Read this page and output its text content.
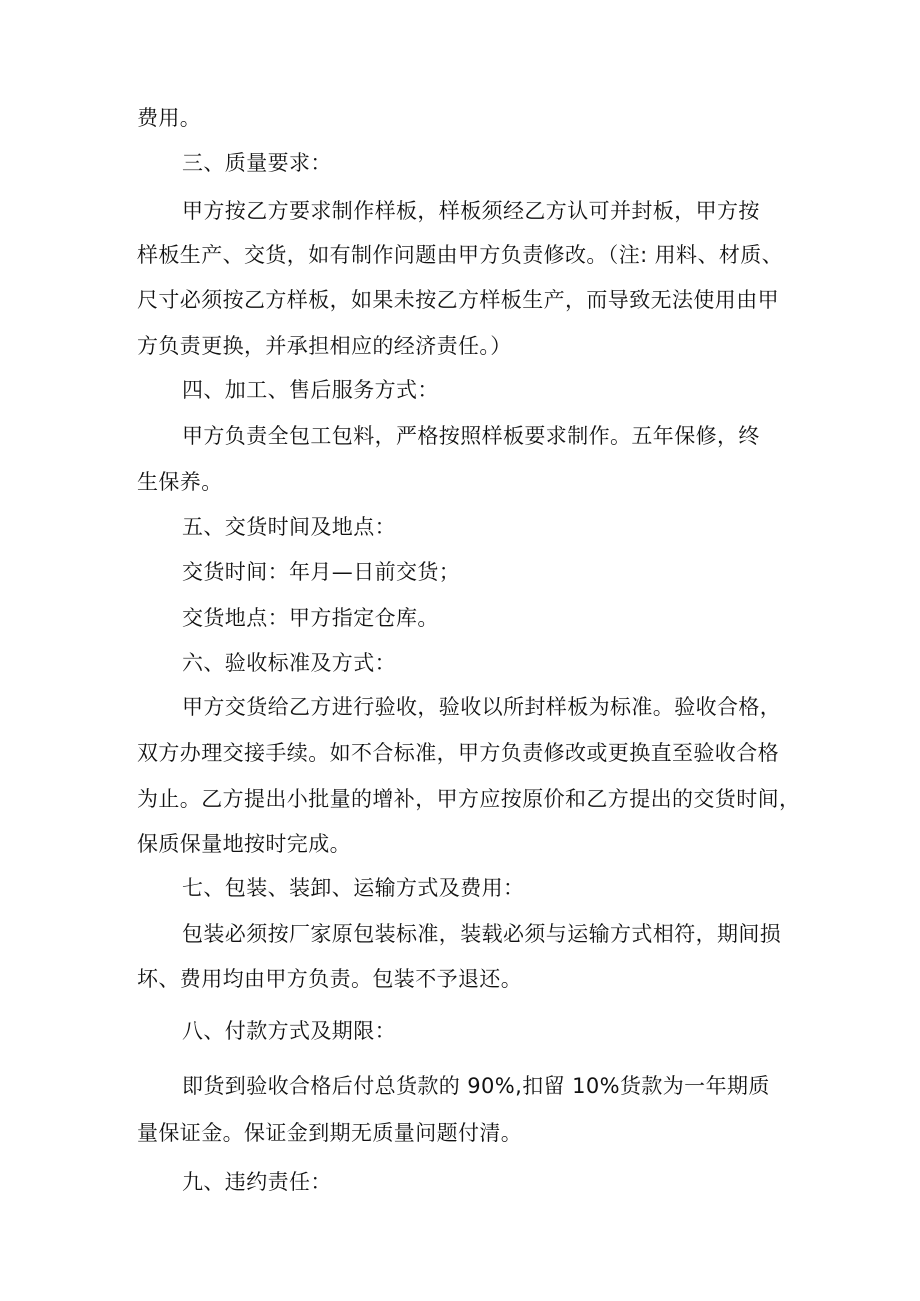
费用。

三、质量要求：

甲方按乙方要求制作样板，样板须经乙方认可并封板，甲方按

样板生产、交货，如有制作问题由甲方负责修改。（注: 用料、材质、

尺寸必须按乙方样板，如果未按乙方样板生产，而导致无法使用由甲

方负责更换，并承担相应的经济责任。）

四、加工、售后服务方式：

甲方负责全包工包料，严格按照样板要求制作。五年保修，终

生保养。

五、交货时间及地点：

交货时间：年月—日前交货；

交货地点：甲方指定仓库。

六、验收标准及方式：

甲方交货给乙方进行验收，验收以所封样板为标准。验收合格，

双方办理交接手续。如不合标准，甲方负责修改或更换直至验收合格

为止。乙方提出小批量的增补，甲方应按原价和乙方提出的交货时间，

保质保量地按时完成。

七、包装、装卸、运输方式及费用：

包装必须按厂家原包装标准，装载必须与运输方式相符，期间损

坏、费用均由甲方负责。包装不予退还。

八、付款方式及期限：

即货到验收合格后付总货款的 90%,扣留 10%货款为一年期质

量保证金。保证金到期无质量问题付清。

九、违约责任：
